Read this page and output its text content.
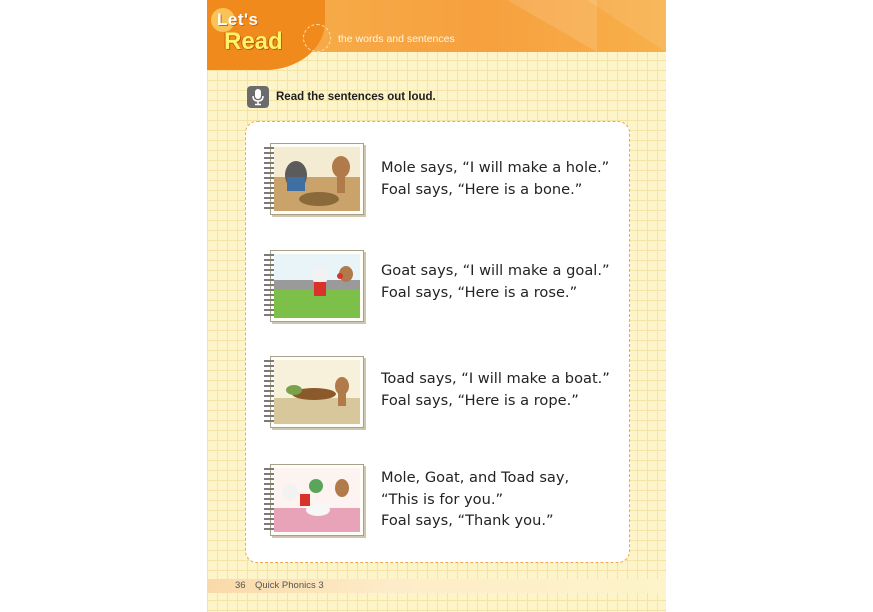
Let's
Read	the words and sentences
Read the sentences out loud.
Mole says, “I will make a hole.”
Foal says, “Here is a bone.”
Goat says, “I will make a goal.”
Foal says, “Here is a rose.”
Toad says, “I will make a boat.”
Foal says, “Here is a rope.”
Mole, Goat, and Toad say,
“This is for you.”
Foal says, “Thank you.”
36 Quick Phonics 3
